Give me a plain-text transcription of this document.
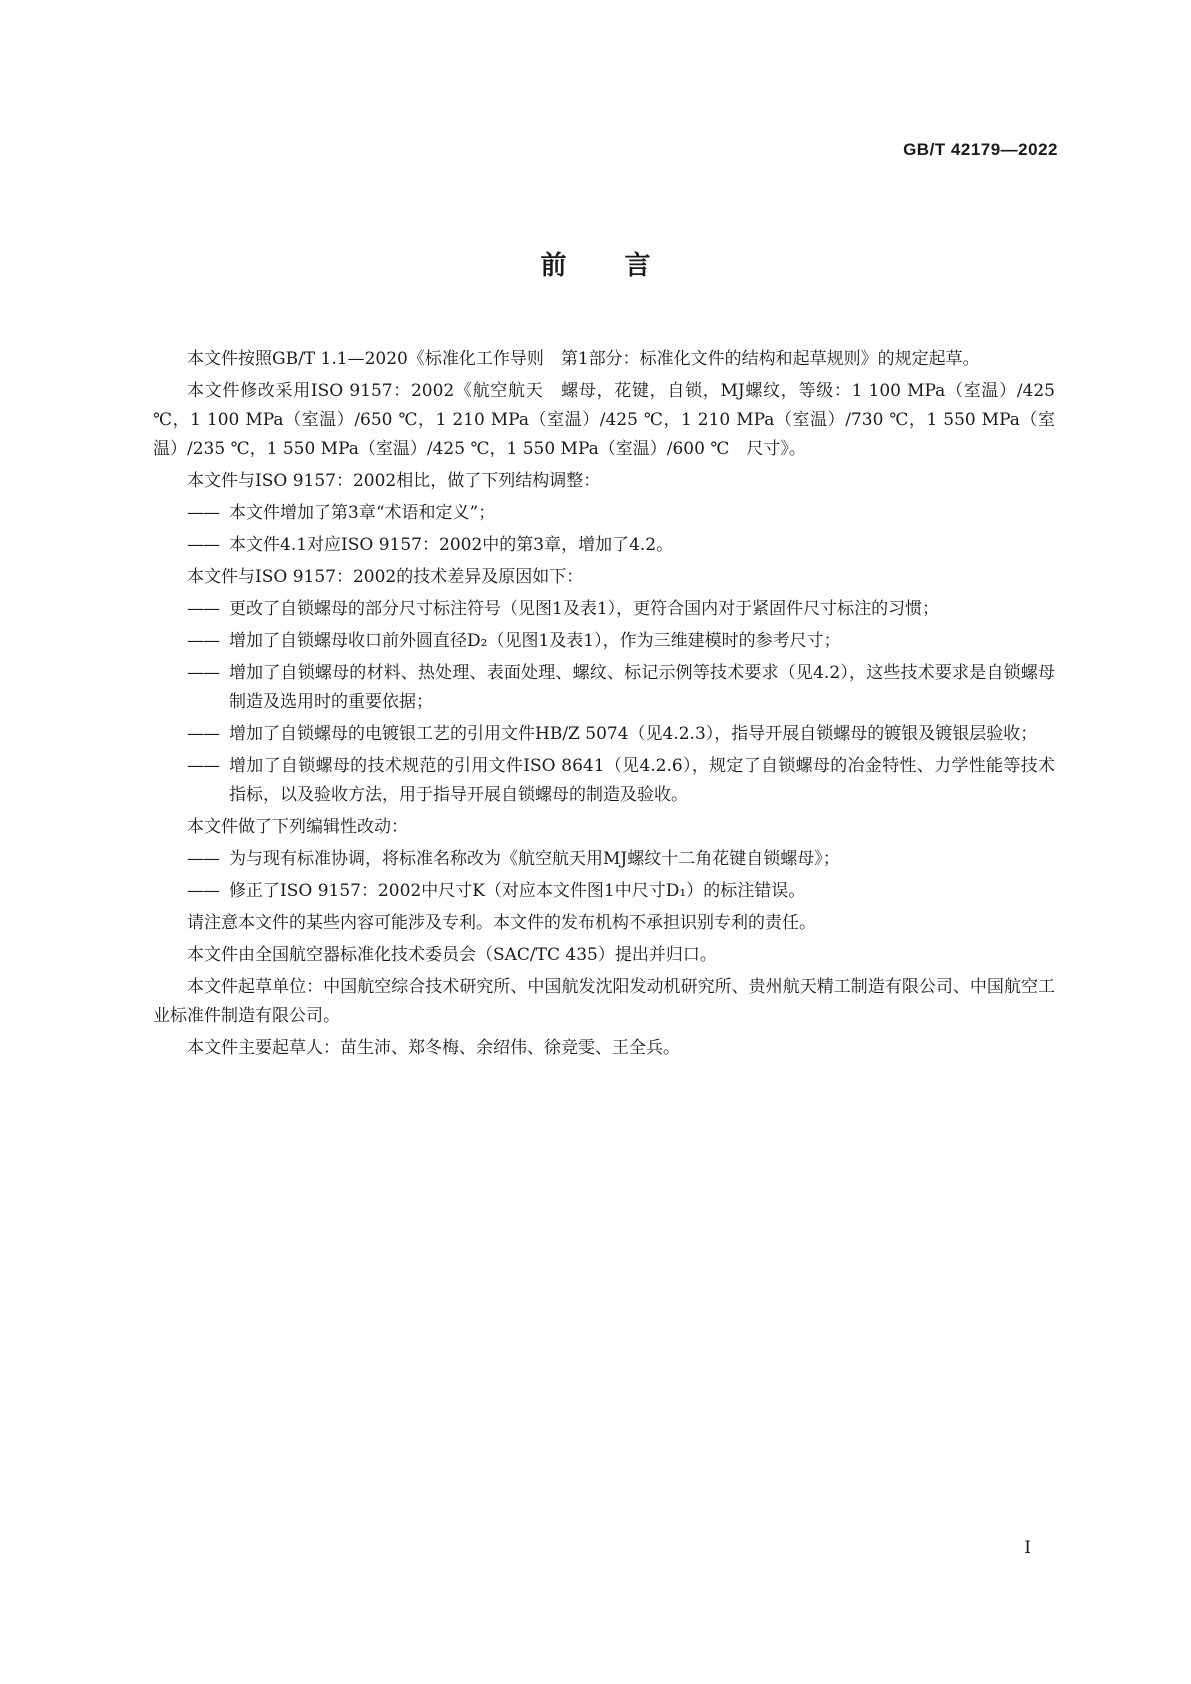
GB/T 42179—2022
前言

本文件按照GB/T 1.1—2020《标准化工作导则　第1部分：标准化文件的结构和起草规则》的规定起草。

本文件修改采用ISO 9157：2002《航空航天　螺母，花键，自锁，MJ螺纹，等级：1 100 MPa（室温）/425 ℃，1 100 MPa（室温）/650 ℃，1 210 MPa（室温）/425 ℃，1 210 MPa（室温）/730 ℃，1 550 MPa（室温）/235 ℃，1 550 MPa（室温）/425 ℃，1 550 MPa（室温）/600 ℃　尺寸》。

本文件与ISO 9157：2002相比，做了下列结构调整：

—— 本文件增加了第3章“术语和定义”；
—— 本文件4.1对应ISO 9157：2002中的第3章，增加了4.2。

本文件与ISO 9157：2002的技术差异及原因如下：

—— 更改了自锁螺母的部分尺寸标注符号（见图1及表1），更符合国内对于紧固件尺寸标注的习惯；
—— 增加了自锁螺母收口前外圆直径D₂（见图1及表1），作为三维建模时的参考尺寸；
—— 增加了自锁螺母的材料、热处理、表面处理、螺纹、标记示例等技术要求（见4.2），这些技术要求是自锁螺母制造及选用时的重要依据；
—— 增加了自锁螺母的电镀银工艺的引用文件HB/Z 5074（见4.2.3），指导开展自锁螺母的镀银及镀银层验收；
—— 增加了自锁螺母的技术规范的引用文件ISO 8641（见4.2.6），规定了自锁螺母的冶金特性、力学性能等技术指标，以及验收方法，用于指导开展自锁螺母的制造及验收。

本文件做了下列编辑性改动：

—— 为与现有标准协调，将标准名称改为《航空航天用MJ螺纹十二角花键自锁螺母》；
—— 修正了ISO 9157：2002中尺寸K（对应本文件图1中尺寸D₁）的标注错误。

请注意本文件的某些内容可能涉及专利。本文件的发布机构不承担识别专利的责任。

本文件由全国航空器标准化技术委员会（SAC/TC 435）提出并归口。

本文件起草单位：中国航空综合技术研究所、中国航发沈阳发动机研究所、贵州航天精工制造有限公司、中国航空工业标准件制造有限公司。

本文件主要起草人：苗生沛、郑冬梅、余绍伟、徐竞雯、王全兵。

I
